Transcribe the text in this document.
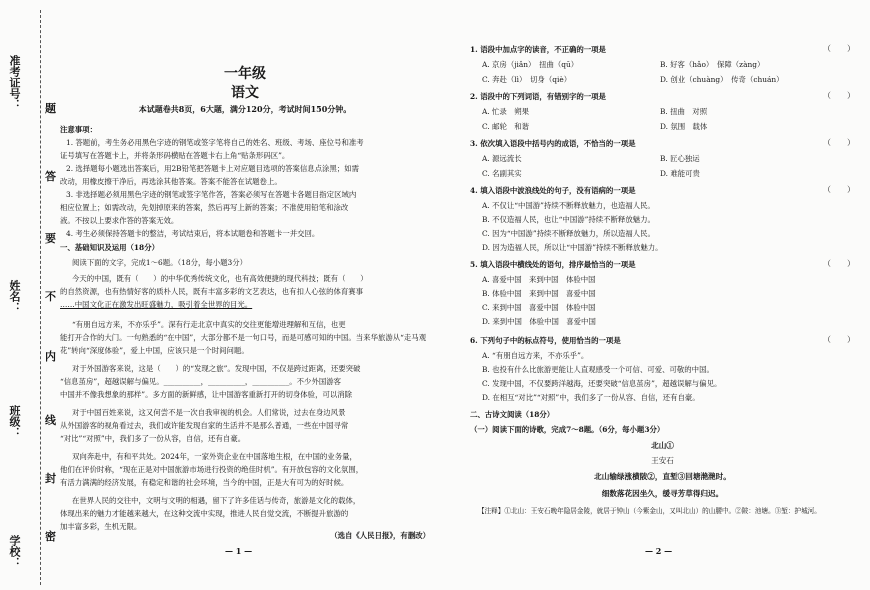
准考证号：
姓名：
班级：
学校：
题
答
要
不
内
线
封
密
一年级
语文
本试题卷共8页，6大题，满分120分，考试时间150分钟。
注意事项：
1. 答题前，考生务必用黑色字迹的钢笔或签字笔将自己的姓名、班级、考场、座位号和准考
证号填写在答题卡上，并将条形码横贴在答题卡右上角“贴条形码区”。
2. 选择题每小题选出答案后，用2B铅笔把答题卡上对应题目选项的答案信息点涂黑；如需
改动，用橡皮擦干净后，再选涂其他答案。答案不能答在试题卷上。
3. 非选择题必须用黑色字迹的钢笔或签字笔作答，答案必须写在答题卡各题目指定区域内
相应位置上；如需改动，先划掉原来的答案，然后再写上新的答案；不准使用铅笔和涂改
液。不按以上要求作答的答案无效。
4. 考生必须保持答题卡的整洁，考试结束后，将本试题卷和答题卡一并交回。
一、基础知识及运用（18分）
阅读下面的文字，完成1～6题。（18分，每小题3分）
今天的中国，既有（　　）的中华优秀传统文化，也有高效便捷的现代科技；既有（　　）
的自然资源，也有热情好客的质朴人民，既有丰富多彩的文艺表达，也有扣人心弦的体育赛事
……中国文化正在激发出旺盛魅力，吸引着全世界的目光。
“有朋自远方来，不亦乐乎”。深有行走北京中真实的交往更能增进理解和互信，也更
能打开合作的大门。一句熟悉的“在中国”，大部分都不是一句口号，而是可感可知的中国。当来华旅游从“走马观
花”转向“深度体验”，爱上中国，应该只是一个时间问题。
对于外国游客来说，这是（　　）的“发现之旅”。发现中国，不仅是跨过距离，还要突破
“信息茧房”，超越误解与偏见。__________，__________，__________。不少外国游客
中国并不像我想象的那样”。多方面的新鲜感，让中国游客重新打开的切身体验，可以消除
对于中国百姓来说，这又何尝不是一次自我审视的机会。人们常说，过去在身边风景
从外国游客的视角看过去，我们或许能发现自家的生活并不是那么普通，一些在中国寻常
“对比”“对照”中，我们多了一份从容，自信，还有自豪。
双向奔赴中，有和平共处。2024年，一家外资企业在中国落地生根，在中国的业务量，
他们在评价时称，“现在正是对中国旅游市场进行投资的绝佳时机”。有开放包容的文化氛围，
有活力满满的经济发展，有稳定和谐的社会环境，当今的中国，正是大有可为的好时候。
在世界人民的交往中，文明与文明的相遇，留下了许多佳话与传奇，旅游是文化的载体，
体现出来的魅力才能越来越大，在这种交流中实现，推进人民自觉交流，不断提升旅游的
加丰富多彩，生机无限。
（选自《人民日报》，有删改）
— 1 —
1. 语段中加点字的读音，不正确的一项是	（　　）
A. 京房（jiǎn）　扭曲（qū）	B. 好客（hǎo）　保障（zàng）
C. 奔赴（lì）　切身（qiè）	D. 创业（chuàng）　传奇（chuán）
2. 语段中的下列词语，有错别字的一项是	（　　）
A. 忙录　朔果	B. 扭曲　对照
C. 邮轮　和谐	D. 氛围　载体
3. 依次填入语段中括号内的成语，不恰当的一项是	（　　）
A. 源远流长	B. 匠心独运
C. 名副其实	D. 难能可贵
4. 填入语段中波浪线处的句子，没有语病的一项是	（　　）
A. 不仅让“中国游”持续不断释放魅力，也造福人民。
B. 不仅造福人民，也让“中国游”持续不断释放魅力。
C. 因为“中国游”持续不断释放魅力，所以造福人民。
D. 因为造福人民，所以让“中国游”持续不断释放魅力。
5. 填入语段中横线处的语句，排序最恰当的一项是	（　　）
A. 喜爱中国　来到中国　体验中国
B. 体验中国　来到中国　喜爱中国
C. 来到中国　喜爱中国　体验中国
D. 来到中国　体验中国　喜爱中国
6. 下列句子中的标点符号，使用恰当的一项是	（　　）
A. “有朋自远方来，不亦乐乎”。
B. 也投有什么比旅游更能让人直观感受一个可信、可爱、可敬的中国。
C. 发现中国，不仅要跨洋越海，还要突破“信息茧房”，超越误解与偏见。
D. 在相互“对比”“对照”中，我们多了一份从容、自信，还有自豪。
二、古诗文阅读（18分）
（一）阅读下面的诗歌，完成7～8题。（6分，每小题3分）
北山①
王安石
北山输绿涨横陂②，直堑③回塘滟滟时。
细数落花因坐久，缓寻芳草得归迟。
【注释】①北山：王安石晚年隐居金陵，就居于钟山（今紫金山，又叫北山）的山腰中。②陂：池塘。③堑：护城河。
— 2 —
